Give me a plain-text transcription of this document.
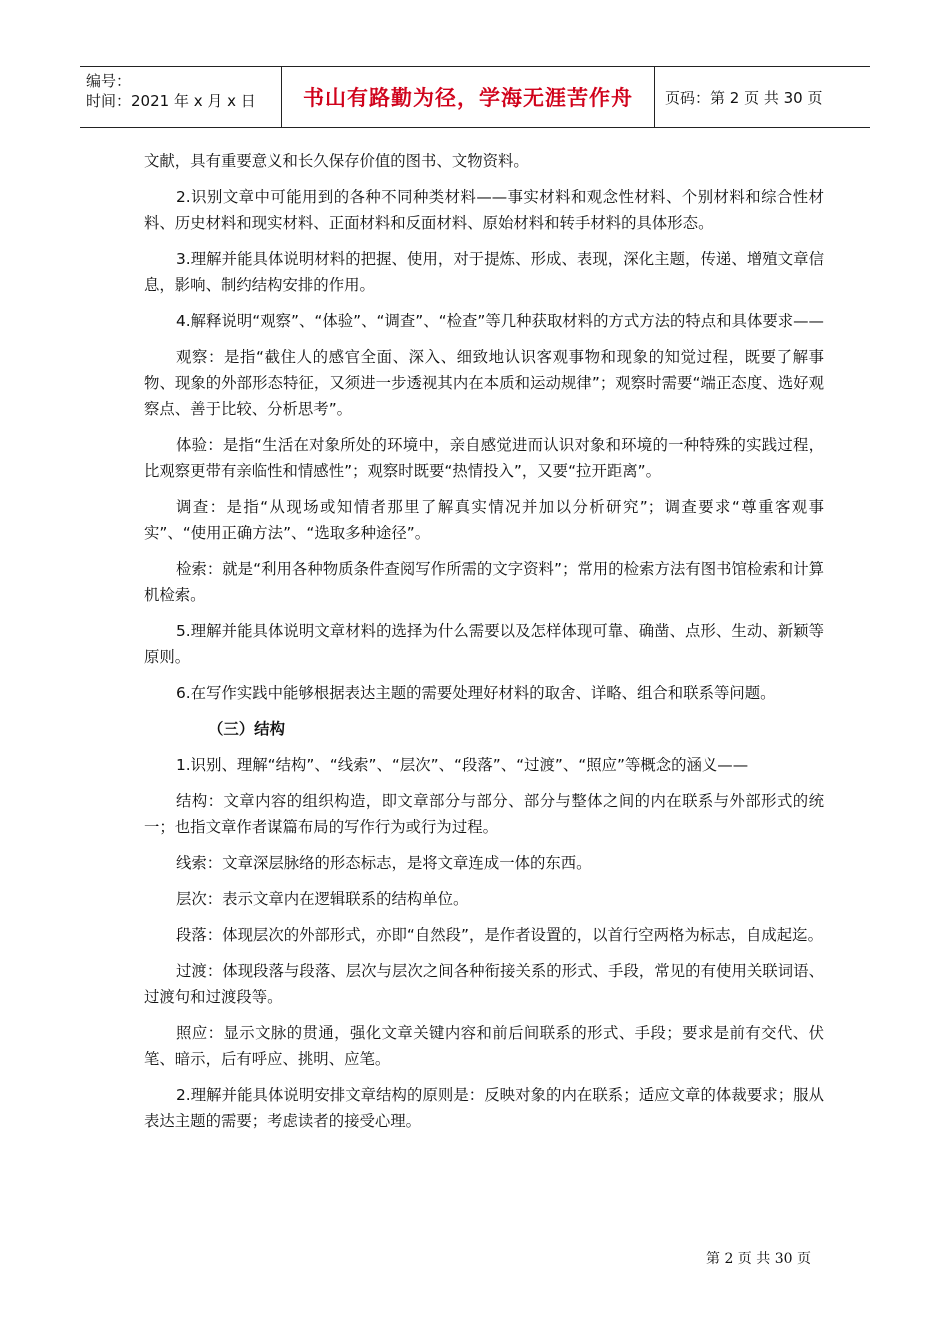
编号：
时间：2021 年 x 月 x 日	书山有路勤为径，学海无涯苦作舟	页码：第 2 页 共 30 页

文献，具有重要意义和长久保存价值的图书、文物资料。

2.识别文章中可能用到的各种不同种类材料——事实材料和观念性材料、个别材料和综合性材料、历史材料和现实材料、正面材料和反面材料、原始材料和转手材料的具体形态。

3.理解并能具体说明材料的把握、使用，对于提炼、形成、表现，深化主题，传递、增殖文章信息，影响、制约结构安排的作用。

4.解释说明“观察”、“体验”、“调查”、“检查”等几种获取材料的方式方法的特点和具体要求——

观察：是指“截住人的感官全面、深入、细致地认识客观事物和现象的知觉过程，既要了解事物、现象的外部形态特征，又须进一步透视其内在本质和运动规律”；观察时需要“端正态度、选好观察点、善于比较、分析思考”。

体验：是指“生活在对象所处的环境中，亲自感觉进而认识对象和环境的一种特殊的实践过程，比观察更带有亲临性和情感性”；观察时既要“热情投入”，又要“拉开距离”。

调查：是指“从现场或知情者那里了解真实情况并加以分析研究”；调查要求“尊重客观事实”、“使用正确方法”、“选取多种途径”。

检索：就是“利用各种物质条件查阅写作所需的文字资料”；常用的检索方法有图书馆检索和计算机检索。

5.理解并能具体说明文章材料的选择为什么需要以及怎样体现可靠、确凿、点形、生动、新颖等原则。

6.在写作实践中能够根据表达主题的需要处理好材料的取舍、详略、组合和联系等问题。

（三）结构

1.识别、理解“结构”、“线索”、“层次”、“段落”、“过渡”、“照应”等概念的涵义——

结构：文章内容的组织构造，即文章部分与部分、部分与整体之间的内在联系与外部形式的统一；也指文章作者谋篇布局的写作行为或行为过程。

线索：文章深层脉络的形态标志，是将文章连成一体的东西。

层次：表示文章内在逻辑联系的结构单位。

段落：体现层次的外部形式，亦即“自然段”，是作者设置的，以首行空两格为标志，自成起迄。

过渡：体现段落与段落、层次与层次之间各种衔接关系的形式、手段，常见的有使用关联词语、过渡句和过渡段等。

照应：显示文脉的贯通，强化文章关键内容和前后间联系的形式、手段；要求是前有交代、伏笔、暗示，后有呼应、挑明、应笔。

2.理解并能具体说明安排文章结构的原则是：反映对象的内在联系；适应文章的体裁要求；服从表达主题的需要；考虑读者的接受心理。

第 2 页 共 30 页
